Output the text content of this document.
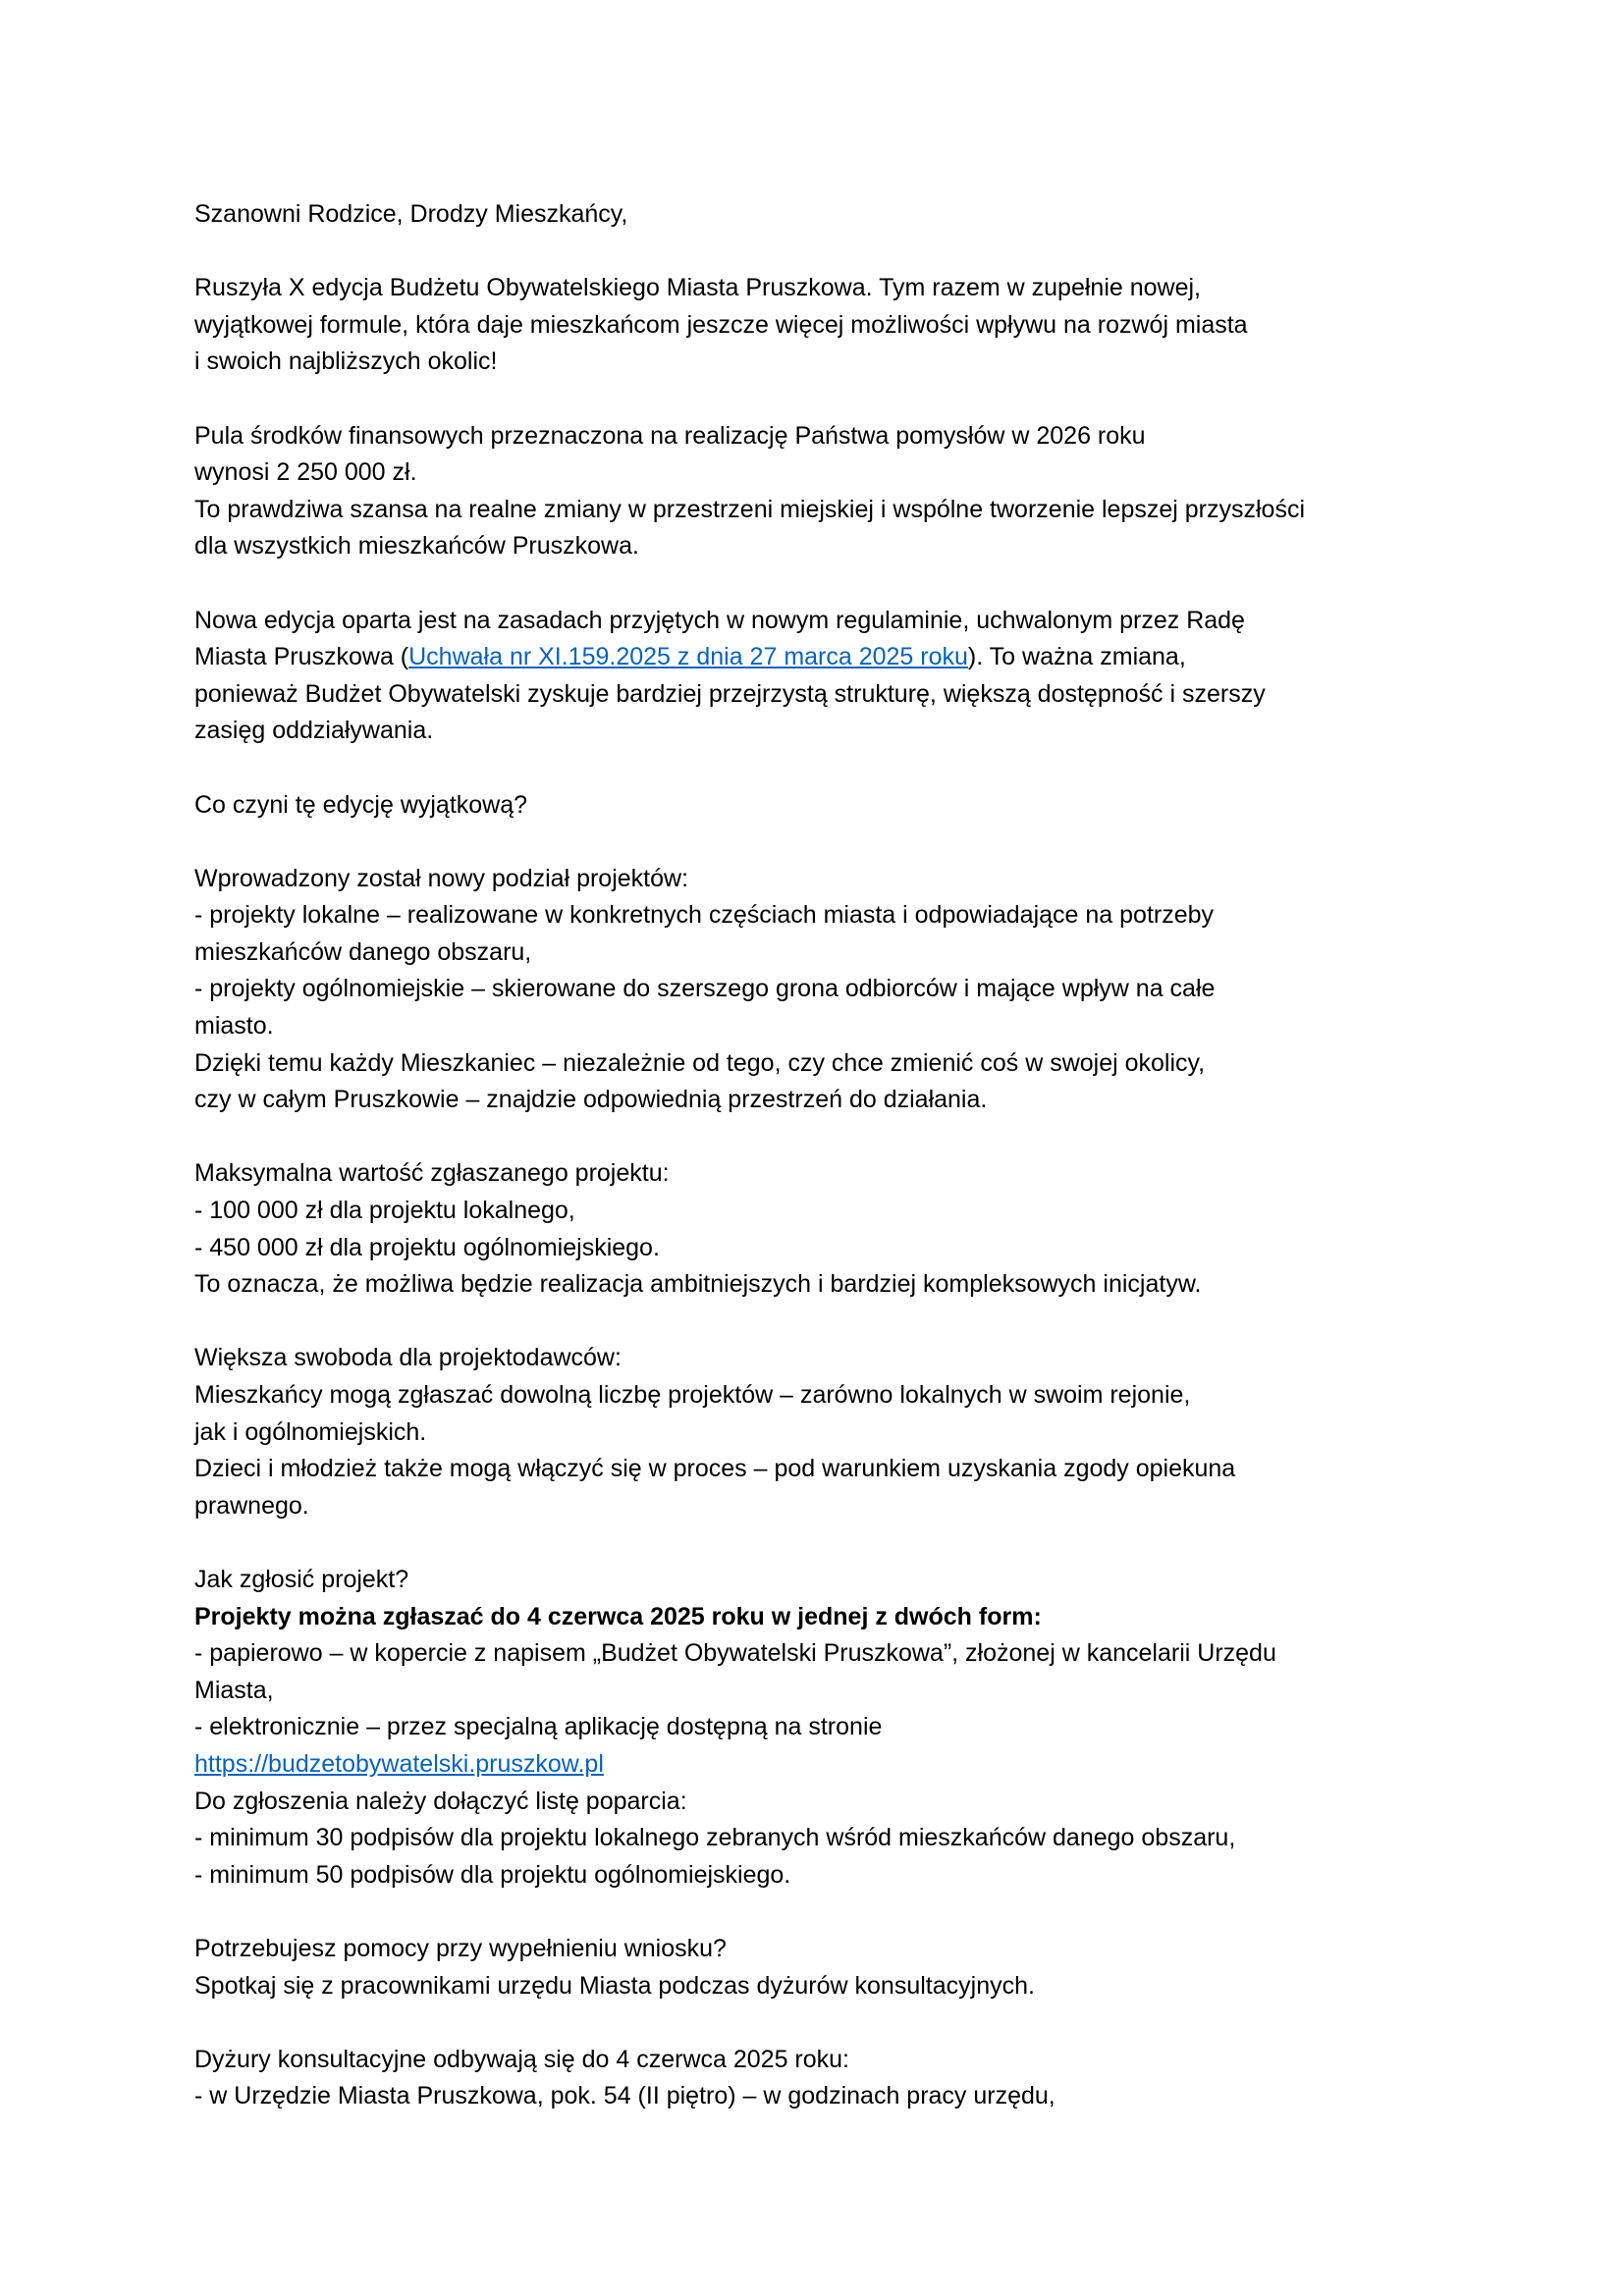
Szanowni Rodzice, Drodzy Mieszkańcy,
Ruszyła X edycja Budżetu Obywatelskiego Miasta Pruszkowa. Tym razem w zupełnie nowej,
wyjątkowej formule, która daje mieszkańcom jeszcze więcej możliwości wpływu na rozwój miasta
i swoich najbliższych okolic!
Pula środków finansowych przeznaczona na realizację Państwa pomysłów w 2026 roku
wynosi 2 250 000 zł.
To prawdziwa szansa na realne zmiany w przestrzeni miejskiej i wspólne tworzenie lepszej przyszłości
dla wszystkich mieszkańców Pruszkowa.
Nowa edycja oparta jest na zasadach przyjętych w nowym regulaminie, uchwalonym przez Radę
Miasta Pruszkowa (Uchwała nr XI.159.2025 z dnia 27 marca 2025 roku). To ważna zmiana,
ponieważ Budżet Obywatelski zyskuje bardziej przejrzystą strukturę, większą dostępność i szerszy
zasięg oddziaływania.
Co czyni tę edycję wyjątkową?
Wprowadzony został nowy podział projektów:
- projekty lokalne – realizowane w konkretnych częściach miasta i odpowiadające na potrzeby
mieszkańców danego obszaru,
- projekty ogólnomiejskie – skierowane do szerszego grona odbiorców i mające wpływ na całe
miasto.
Dzięki temu każdy Mieszkaniec – niezależnie od tego, czy chce zmienić coś w swojej okolicy,
czy w całym Pruszkowie – znajdzie odpowiednią przestrzeń do działania.
Maksymalna wartość zgłaszanego projektu:
- 100 000 zł dla projektu lokalnego,
- 450 000 zł dla projektu ogólnomiejskiego.
To oznacza, że możliwa będzie realizacja ambitniejszych i bardziej kompleksowych inicjatyw.
Większa swoboda dla projektodawców:
Mieszkańcy mogą zgłaszać dowolną liczbę projektów – zarówno lokalnych w swoim rejonie,
jak i ogólnomiejskich.
Dzieci i młodzież także mogą włączyć się w proces – pod warunkiem uzyskania zgody opiekuna
prawnego.
Jak zgłosić projekt?
Projekty można zgłaszać do 4 czerwca 2025 roku w jednej z dwóch form:
- papierowo – w kopercie z napisem „Budżet Obywatelski Pruszkowa”, złożonej w kancelarii Urzędu
Miasta,
- elektronicznie – przez specjalną aplikację dostępną na stronie
https://budzetobywatelski.pruszkow.pl
Do zgłoszenia należy dołączyć listę poparcia:
- minimum 30 podpisów dla projektu lokalnego zebranych wśród mieszkańców danego obszaru,
- minimum 50 podpisów dla projektu ogólnomiejskiego.
Potrzebujesz pomocy przy wypełnieniu wniosku?
Spotkaj się z pracownikami urzędu Miasta podczas dyżurów konsultacyjnych.
Dyżury konsultacyjne odbywają się do 4 czerwca 2025 roku:
- w Urzędzie Miasta Pruszkowa, pok. 54 (II piętro) – w godzinach pracy urzędu,
